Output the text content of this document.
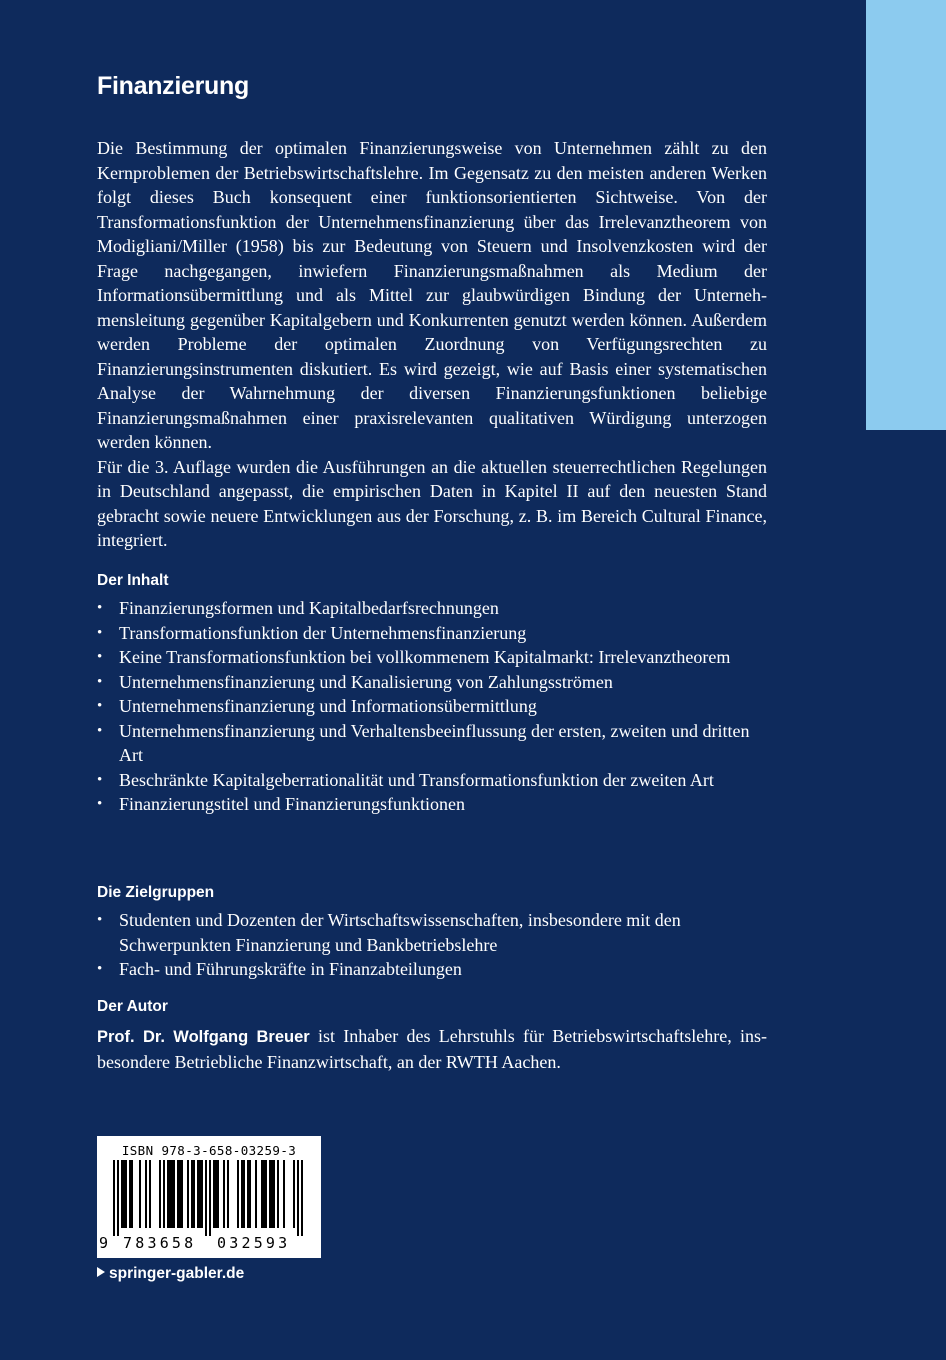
Finanzierung

Die Bestimmung der optimalen Finanzierungsweise von Unternehmen zählt zu den Kernproblemen der Betriebswirtschaftslehre. Im Gegensatz zu den meisten anderen Werken folgt dieses Buch konsequent einer funktionsorientierten Sichtweise. Von der Transformationsfunktion der Unternehmensfinanzierung über das Irrelevanztheorem von Modigliani/Miller (1958) bis zur Bedeutung von Steuern und Insolvenzkosten wird der Frage nachgegangen, inwiefern Finanzierungsmaßnahmen als Medium der Informationsübermittlung und als Mittel zur glaubwürdigen Bindung der Unternehmensleitung gegenüber Kapitalgebern und Konkurrenten genutzt werden können. Außerdem werden Probleme der optimalen Zuordnung von Verfügungsrechten zu Finanzierungsinstrumenten diskutiert. Es wird gezeigt, wie auf Basis einer systematischen Analyse der Wahrnehmung der diversen Finanzierungsfunktionen beliebige Finanzierungsmaßnahmen einer praxisrelevanten qualitativen Würdigung unterzogen werden können.

Für die 3. Auflage wurden die Ausführungen an die aktuellen steuerrechtlichen Regelungen in Deutschland angepasst, die empirischen Daten in Kapitel II auf den neuesten Stand gebracht sowie neuere Entwicklungen aus der Forschung, z. B. im Bereich Cultural Finance, integriert.

Der Inhalt
• Finanzierungsformen und Kapitalbedarfsrechnungen
• Transformationsfunktion der Unternehmensfinanzierung
• Keine Transformationsfunktion bei vollkommenem Kapitalmarkt: Irrelevanztheorem
• Unternehmensfinanzierung und Kanalisierung von Zahlungsströmen
• Unternehmensfinanzierung und Informationsübermittlung
• Unternehmensfinanzierung und Verhaltensbeeinflussung der ersten, zweiten und dritten Art
• Beschränkte Kapitalgeberrationalität und Transformationsfunktion der zweiten Art
• Finanzierungstitel und Finanzierungsfunktionen
Die Zielgruppen
• Studenten und Dozenten der Wirtschaftswissenschaften, insbesondere mit den Schwerpunkten Finanzierung und Bankbetriebslehre
• Fach- und Führungskräfte in Finanzabteilungen
Der Autor
Prof. Dr. Wolfgang Breuer ist Inhaber des Lehrstuhls für Betriebswirtschaftslehre, insbesondere Betriebliche Finanzwirtschaft, an der RWTH Aachen.
ISBN 978-3-658-03259-3
9 783658 032593
springer-gabler.de
